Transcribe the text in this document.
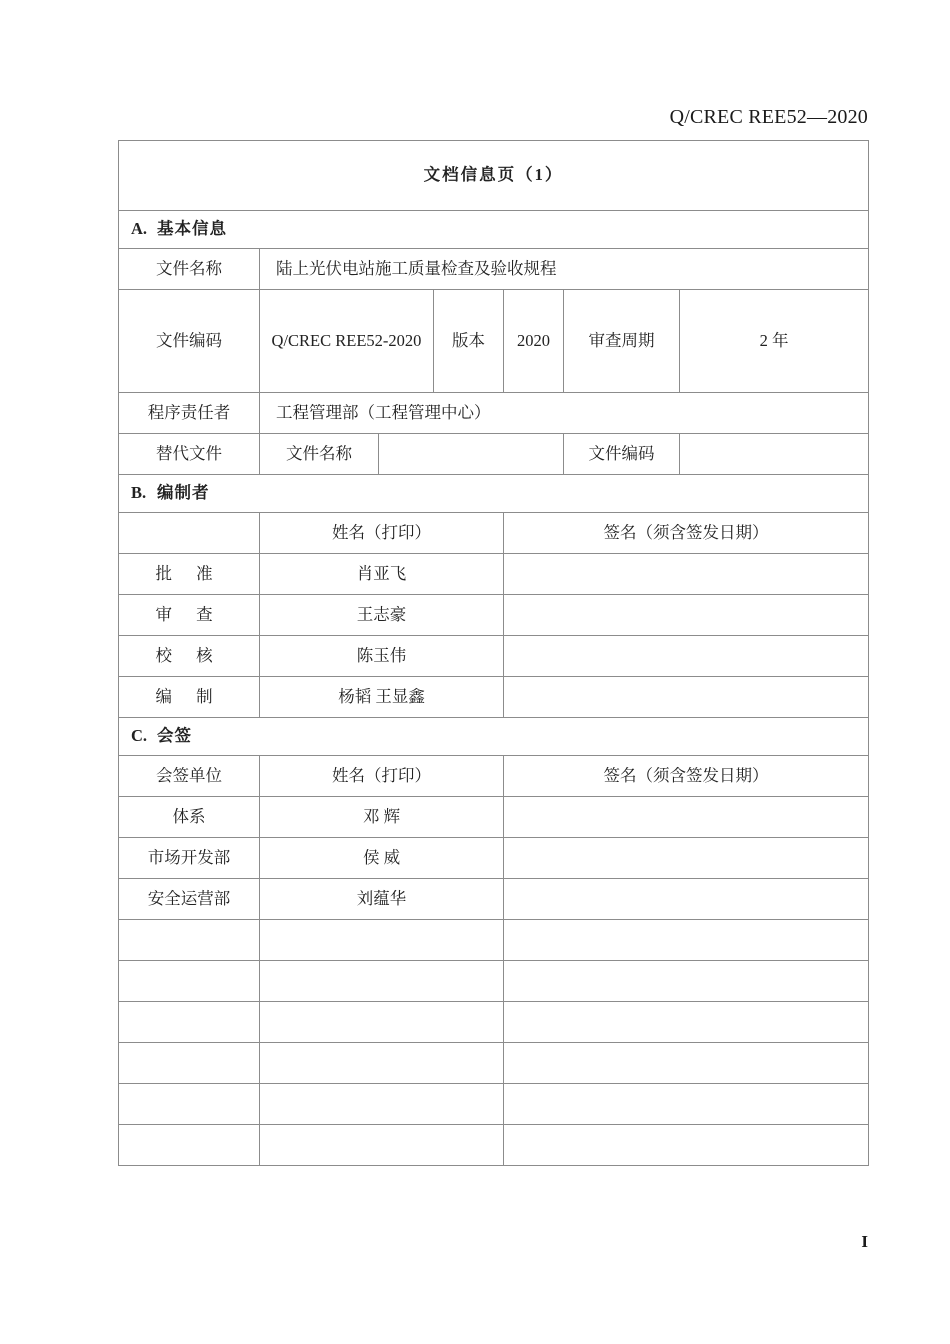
Q/CREC REE52—2020
文档信息页（1）						
A. 基本信息						
文件名称	陆上光伏电站施工质量检查及验收规程					
文件编码	Q/CREC REE52-2020		版本	2020	审查周期	2 年
程序责任者	工程管理部（工程管理中心）					
替代文件	文件名称				文件编码	
B. 编制者						
	姓名（打印）			签名（须含签发日期）		
批 准	肖亚飞					
审 查	王志豪					
校 核	陈玉伟					
编 制	杨韬 王显鑫					
C. 会签						
会签单位	姓名（打印）			签名（须含签发日期）		
体系	邓 辉					
市场开发部	侯 威					
安全运营部	刘蕴华					

I
